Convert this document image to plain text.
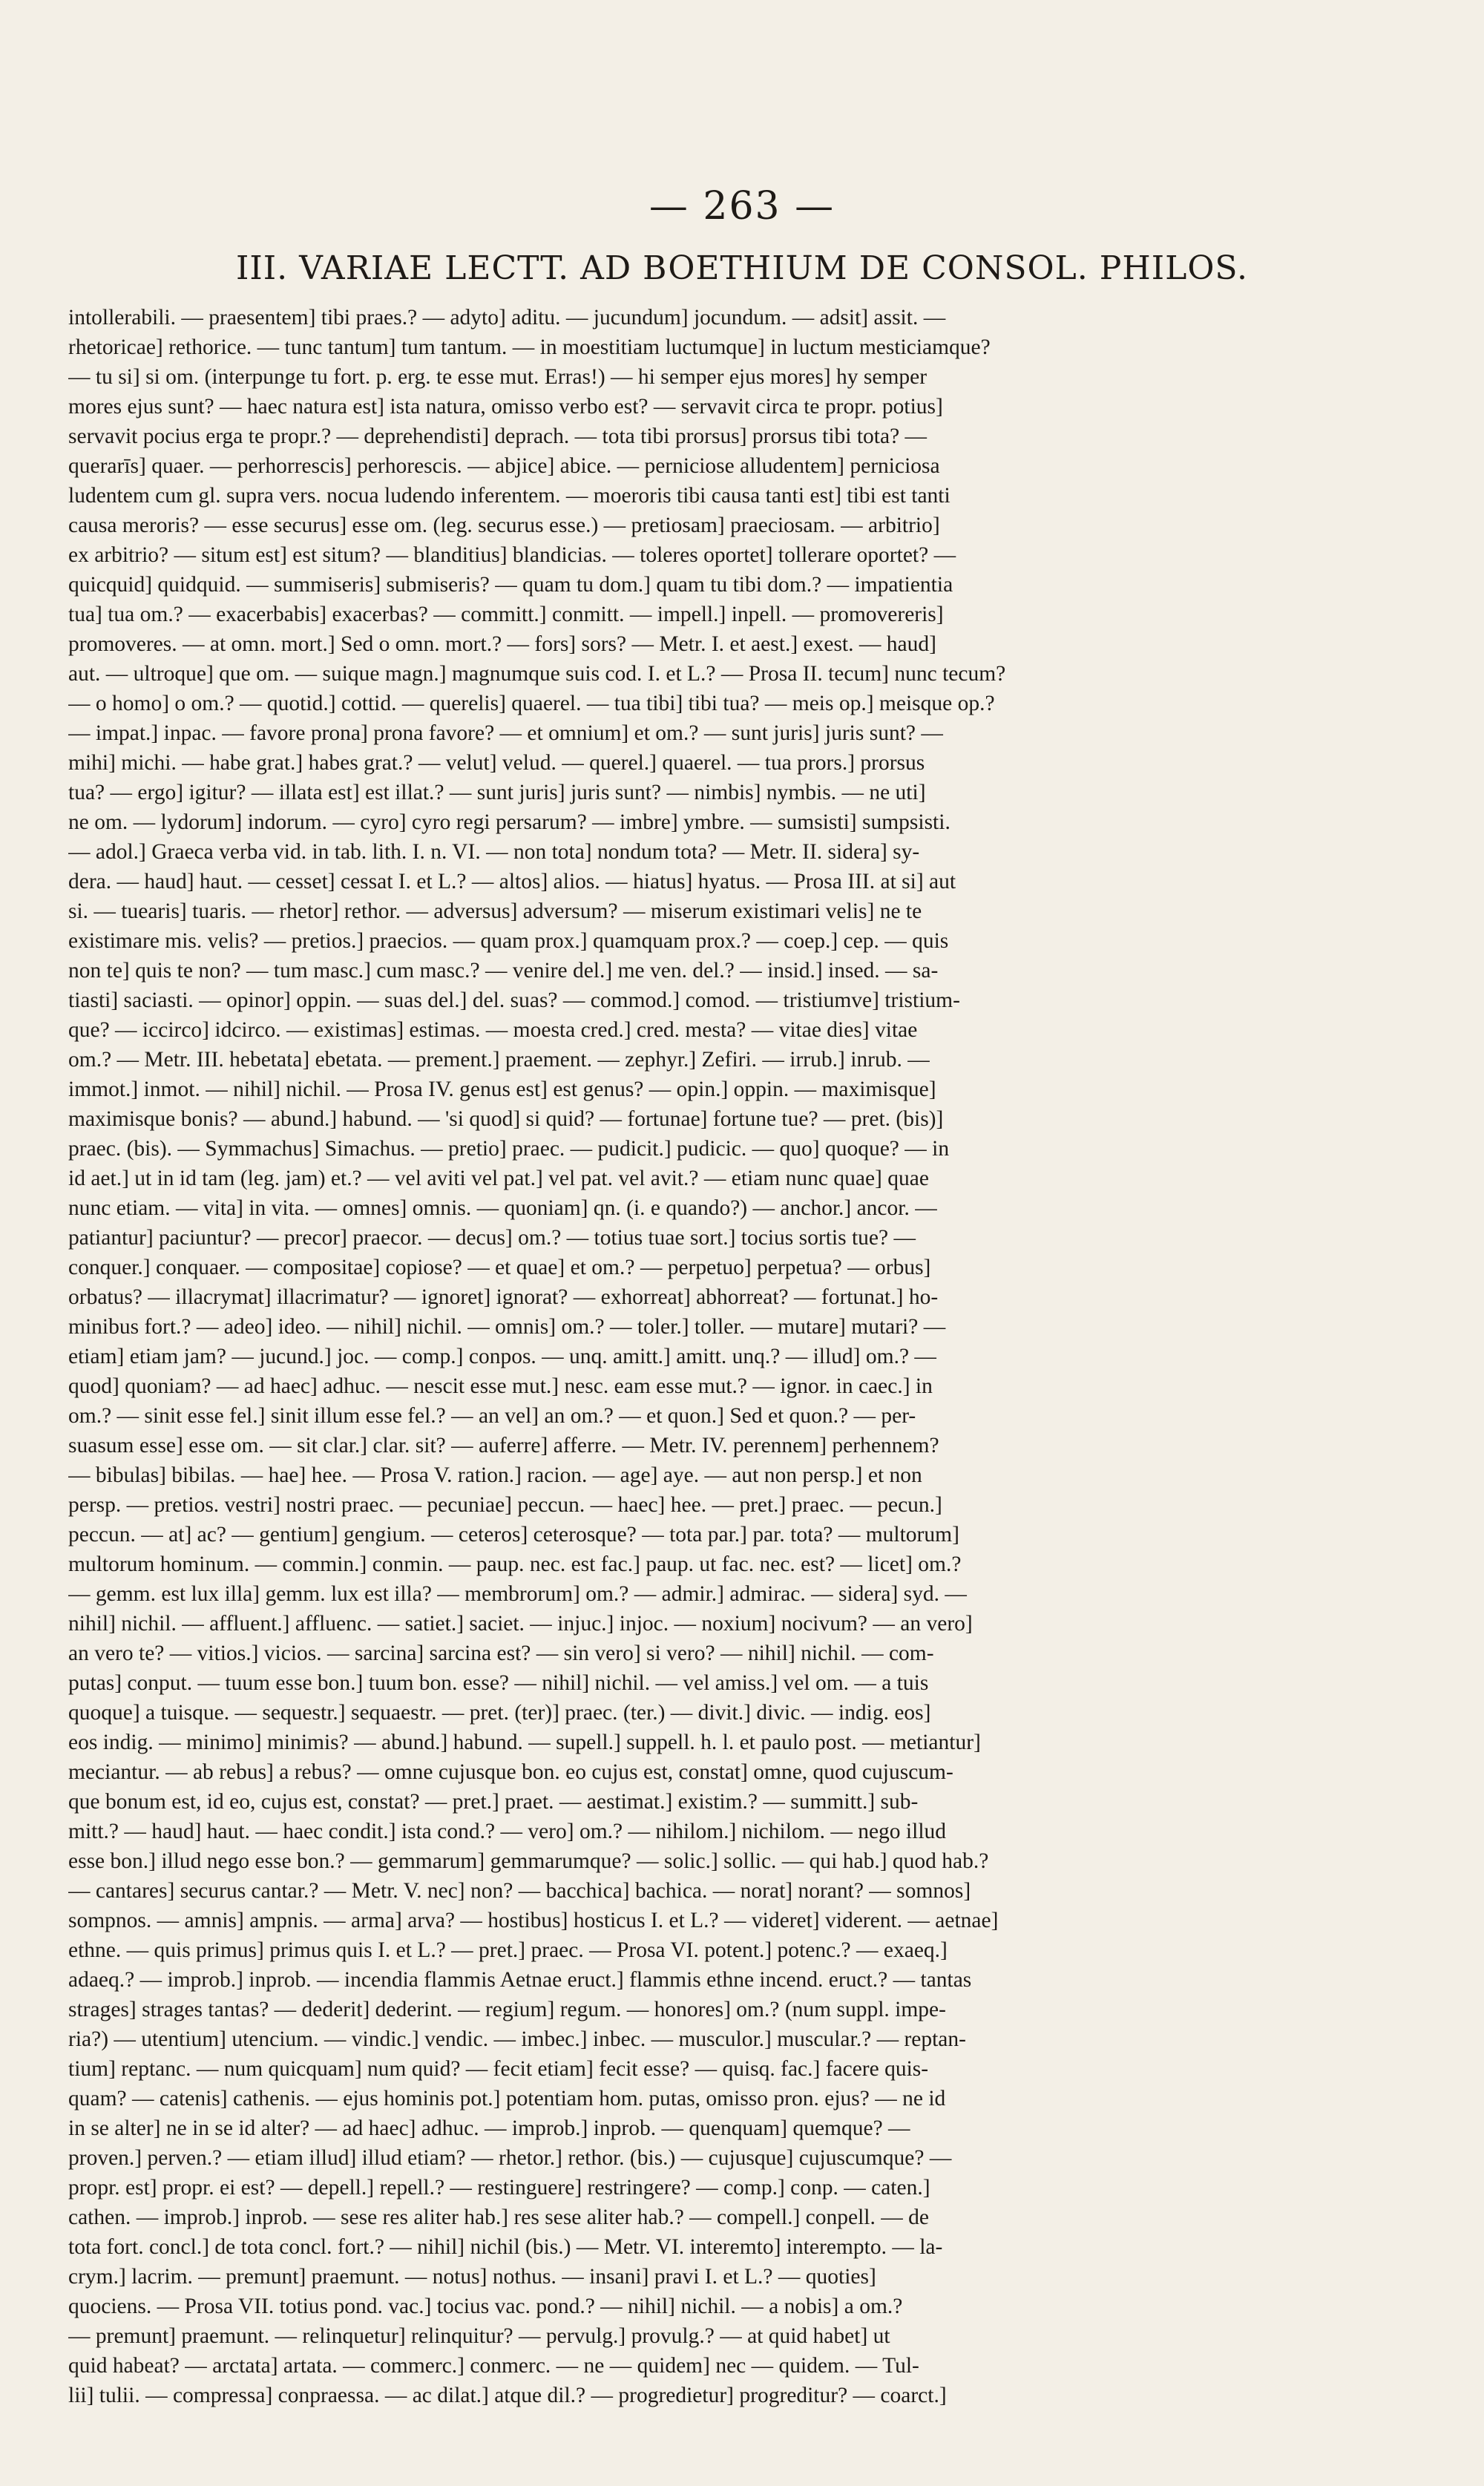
— 263 —
III. VARIAE LECTT. AD BOETHIUM DE CONSOL. PHILOS.
intollerabili. — praesentem] tibi praes.? — adyto] aditu. — jucundum] jocundum. — adsit] assit. —
rhetoricae] rethorice. — tunc tantum] tum tantum. — in moestitiam luctumque] in luctum mesticiamque?
— tu si] si om. (interpunge tu fort. p. erg. te esse mut. Erras!) — hi semper ejus mores] hy semper
mores ejus sunt? — haec natura est] ista natura, omisso verbo est? — servavit circa te propr. potius]
servavit pocius erga te propr.? — deprehendisti] deprach. — tota tibi prorsus] prorsus tibi tota? —
querarīs] quaer. — perhorrescis] perhorescis. — abjice] abice. — perniciose alludentem] perniciosa
ludentem cum gl. supra vers. nocua ludendo inferentem. — moeroris tibi causa tanti est] tibi est tanti
causa meroris? — esse securus] esse om. (leg. securus esse.) — pretiosam] praeciosam. — arbitrio]
ex arbitrio? — situm est] est situm? — blanditius] blandicias. — toleres oportet] tollerare oportet? —
quicquid] quidquid. — summiseris] submiseris? — quam tu dom.] quam tu tibi dom.? — impatientia
tua] tua om.? — exacerbabis] exacerbas? — committ.] conmitt. — impell.] inpell. — promovereris]
promoveres. — at omn. mort.] Sed o omn. mort.? — fors] sors? — Metr. I. et aest.] exest. — haud]
aut. — ultroque] que om. — suique magn.] magnumque suis cod. I. et L.? — Prosa II. tecum] nunc tecum?
— o homo] o om.? — quotid.] cottid. — querelis] quaerel. — tua tibi] tibi tua? — meis op.] meisque op.?
— impat.] inpac. — favore prona] prona favore? — et omnium] et om.? — sunt juris] juris sunt? —
mihi] michi. — habe grat.] habes grat.? — velut] velud. — querel.] quaerel. — tua prors.] prorsus
tua? — ergo] igitur? — illata est] est illat.? — sunt juris] juris sunt? — nimbis] nymbis. — ne uti]
ne om. — lydorum] indorum. — cyro] cyro regi persarum? — imbre] ymbre. — sumsisti] sumpsisti.
— adol.] Graeca verba vid. in tab. lith. I. n. VI. — non tota] nondum tota? — Metr. II. sidera] sy-
dera. — haud] haut. — cesset] cessat I. et L.? — altos] alios. — hiatus] hyatus. — Prosa III. at si] aut
si. — tuearis] tuaris. — rhetor] rethor. — adversus] adversum? — miserum existimari velis] ne te
existimare mis. velis? — pretios.] praecios. — quam prox.] quamquam prox.? — coep.] cep. — quis
non te] quis te non? — tum masc.] cum masc.? — venire del.] me ven. del.? — insid.] insed. — sa-
tiasti] saciasti. — opinor] oppin. — suas del.] del. suas? — commod.] comod. — tristiumve] tristium-
que? — iccirco] idcirco. — existimas] estimas. — moesta cred.] cred. mesta? — vitae dies] vitae
om.? — Metr. III. hebetata] ebetata. — prement.] praement. — zephyr.] Zefiri. — irrub.] inrub. —
immot.] inmot. — nihil] nichil. — Prosa IV. genus est] est genus? — opin.] oppin. — maximisque]
maximisque bonis? — abund.] habund. — 'si quod] si quid? — fortunae] fortune tue? — pret. (bis)]
praec. (bis). — Symmachus] Simachus. — pretio] praec. — pudicit.] pudicic. — quo] quoque? — in
id aet.] ut in id tam (leg. jam) et.? — vel aviti vel pat.] vel pat. vel avit.? — etiam nunc quae] quae
nunc etiam. — vita] in vita. — omnes] omnis. — quoniam] qn. (i. e quando?) — anchor.] ancor. —
patiantur] paciuntur? — precor] praecor. — decus] om.? — totius tuae sort.] tocius sortis tue? —
conquer.] conquaer. — compositae] copiose? — et quae] et om.? — perpetuo] perpetua? — orbus]
orbatus? — illacrymat] illacrimatur? — ignoret] ignorat? — exhorreat] abhorreat? — fortunat.] ho-
minibus fort.? — adeo] ideo. — nihil] nichil. — omnis] om.? — toler.] toller. — mutare] mutari? —
etiam] etiam jam? — jucund.] joc. — comp.] conpos. — unq. amitt.] amitt. unq.? — illud] om.? —
quod] quoniam? — ad haec] adhuc. — nescit esse mut.] nesc. eam esse mut.? — ignor. in caec.] in
om.? — sinit esse fel.] sinit illum esse fel.? — an vel] an om.? — et quon.] Sed et quon.? — per-
suasum esse] esse om. — sit clar.] clar. sit? — auferre] afferre. — Metr. IV. perennem] perhennem?
— bibulas] bibilas. — hae] hee. — Prosa V. ration.] racion. — age] aye. — aut non persp.] et non
persp. — pretios. vestri] nostri praec. — pecuniae] peccun. — haec] hee. — pret.] praec. — pecun.]
peccun. — at] ac? — gentium] gengium. — ceteros] ceterosque? — tota par.] par. tota? — multorum]
multorum hominum. — commin.] conmin. — paup. nec. est fac.] paup. ut fac. nec. est? — licet] om.?
— gemm. est lux illa] gemm. lux est illa? — membrorum] om.? — admir.] admirac. — sidera] syd. —
nihil] nichil. — affluent.] affluenc. — satiet.] saciet. — injuc.] injoc. — noxium] nocivum? — an vero]
an vero te? — vitios.] vicios. — sarcina] sarcina est? — sin vero] si vero? — nihil] nichil. — com-
putas] conput. — tuum esse bon.] tuum bon. esse? — nihil] nichil. — vel amiss.] vel om. — a tuis
quoque] a tuisque. — sequestr.] sequaestr. — pret. (ter)] praec. (ter.) — divit.] divic. — indig. eos]
eos indig. — minimo] minimis? — abund.] habund. — supell.] suppell. h. l. et paulo post. — metiantur]
meciantur. — ab rebus] a rebus? — omne cujusque bon. eo cujus est, constat] omne, quod cujuscum-
que bonum est, id eo, cujus est, constat? — pret.] praet. — aestimat.] existim.? — summitt.] sub-
mitt.? — haud] haut. — haec condit.] ista cond.? — vero] om.? — nihilom.] nichilom. — nego illud
esse bon.] illud nego esse bon.? — gemmarum] gemmarumque? — solic.] sollic. — qui hab.] quod hab.?
— cantares] securus cantar.? — Metr. V. nec] non? — bacchica] bachica. — norat] norant? — somnos]
sompnos. — amnis] ampnis. — arma] arva? — hostibus] hosticus I. et L.? — videret] viderent. — aetnae]
ethne. — quis primus] primus quis I. et L.? — pret.] praec. — Prosa VI. potent.] potenc.? — exaeq.]
adaeq.? — improb.] inprob. — incendia flammis Aetnae eruct.] flammis ethne incend. eruct.? — tantas
strages] strages tantas? — dederit] dederint. — regium] regum. — honores] om.? (num suppl. impe-
ria?) — utentium] utencium. — vindic.] vendic. — imbec.] inbec. — musculor.] muscular.? — reptan-
tium] reptanc. — num quicquam] num quid? — fecit etiam] fecit esse? — quisq. fac.] facere quis-
quam? — catenis] cathenis. — ejus hominis pot.] potentiam hom. putas, omisso pron. ejus? — ne id
in se alter] ne in se id alter? — ad haec] adhuc. — improb.] inprob. — quenquam] quemque? —
proven.] perven.? — etiam illud] illud etiam? — rhetor.] rethor. (bis.) — cujusque] cujuscumque? —
propr. est] propr. ei est? — depell.] repell.? — restinguere] restringere? — comp.] conp. — caten.]
cathen. — improb.] inprob. — sese res aliter hab.] res sese aliter hab.? — compell.] conpell. — de
tota fort. concl.] de tota concl. fort.? — nihil] nichil (bis.) — Metr. VI. interemto] interempto. — la-
crym.] lacrim. — premunt] praemunt. — notus] nothus. — insani] pravi I. et L.? — quoties]
quociens. — Prosa VII. totius pond. vac.] tocius vac. pond.? — nihil] nichil. — a nobis] a om.?
— premunt] praemunt. — relinquetur] relinquitur? — pervulg.] provulg.? — at quid habet] ut
quid habeat? — arctata] artata. — commerc.] conmerc. — ne — quidem] nec — quidem. — Tul-
lii] tulii. — compressa] conpraessa. — ac dilat.] atque dil.? — progredietur] progreditur? — coarct.]
